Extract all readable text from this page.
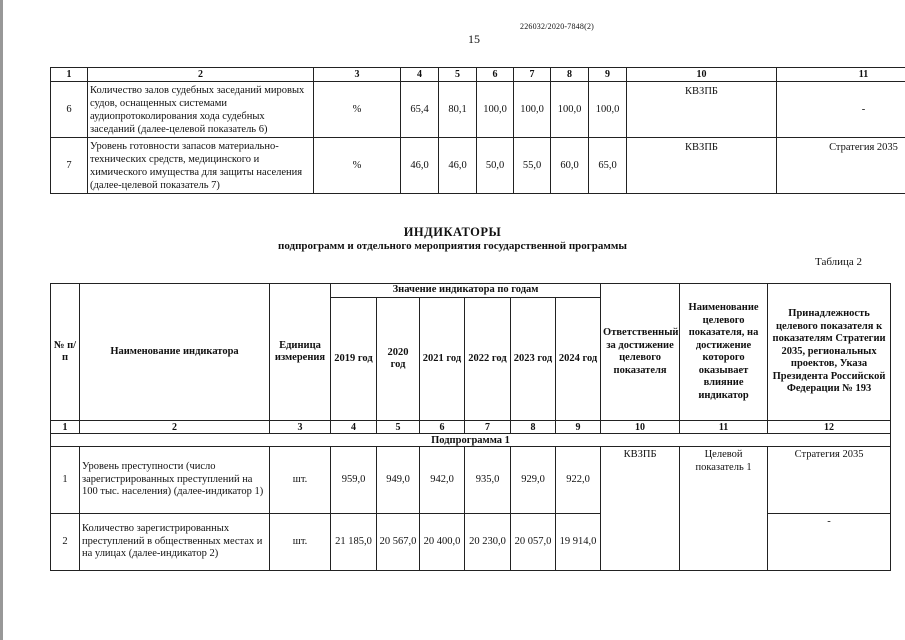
226032/2020-7848(2)
15
1	2	3	4	5	6	7	8	9	10	11
6	Количество залов судебных заседаний мировых судов, оснащенных системами аудиопротоколирования хода судебных заседаний (далее-целевой показатель 6)	%	65,4	80,1	100,0	100,0	100,0	100,0	КВЗПБ	-
7	Уровень готовности запасов материально-технических средств, медицинского и химического имущества для защиты населения (далее-целевой показатель 7)	%	46,0	46,0	50,0	55,0	60,0	65,0	КВЗПБ	Стратегия 2035
ИНДИКАТОРЫ
подпрограмм и отдельного мероприятия государственной программы
Таблица 2
№ п/п	Наименование индикатора	Единица измерения	Значение индикатора по годам						Ответственный за достижение целевого показателя	Наименование целевого показателя, на достижение которого оказывает влияние индикатор	Принадлежность целевого показателя к показателям Стратегии 2035, региональных проектов, Указа Президента Российской Федерации № 193
			2019 год	2020 год	2021 год	2022 год	2023 год	2024 год			
1	2	3	4	5	6	7	8	9	10	11	12
Подпрограмма 1											
1	Уровень преступности (число зарегистрированных преступлений на 100 тыс. населения) (далее-индикатор 1)	шт.	959,0	949,0	942,0	935,0	929,0	922,0	КВЗПБ	Целевой показатель 1	Стратегия 2035
2	Количество зарегистрированных преступлений в общественных местах и на улицах (далее-индикатор 2)	шт.	21 185,0	20 567,0	20 400,0	20 230,0	20 057,0	19 914,0			-
